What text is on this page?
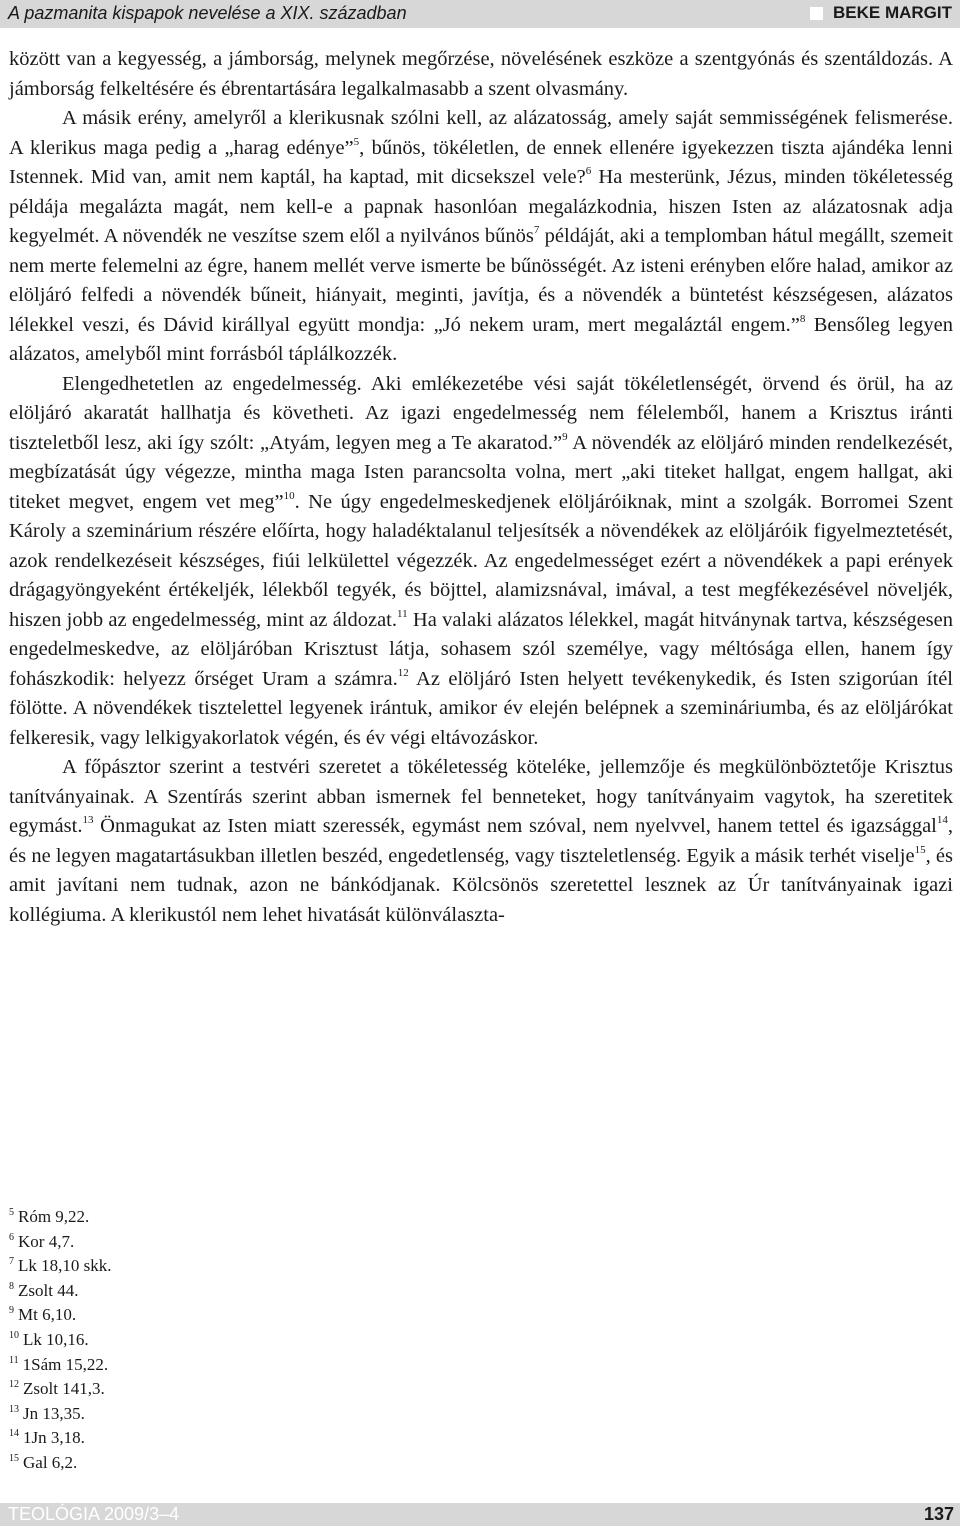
A pazmanita kispapok nevelése a XIX. században	BEKE MARGIT

között van a kegyesség, a jámborság, melynek megőrzése, növelésének eszköze a szentgyónás és szentáldozás. A jámborság felkeltésére és ébrentartására legalkalmasabb a szent olvasmány.

A másik erény, amelyről a klerikusnak szólni kell, az alázatosság, amely saját semmisségének felismerése. A klerikus maga pedig a „harag edénye”$^5$, bűnös, tökéletlen, de ennek ellenére igyekezzen tiszta ajándéka lenni Istennek. Mid van, amit nem kaptál, ha kaptad, mit dicsekszel vele?$^6$ Ha mesterünk, Jézus, minden tökéletesség példája megalázta magát, nem kell-e a papnak hasonlóan megalázkodnia, hiszen Isten az alázatosnak adja kegyelmét. A növendék ne veszítse szem elől a nyilvános bűnös$^7$ példáját, aki a templomban hátul megállt, szemeit nem merte felemelni az égre, hanem mellét verve ismerte be bűnösségét. Az isteni erényben előre halad, amikor az elöljáró felfedi a növendék bűneit, hiányait, meginti, javítja, és a növendék a büntetést készségesen, alázatos lélekkel veszi, és Dávid királlyal együtt mondja: „Jó nekem uram, mert megaláztál engem.”$^8$ Bensőleg legyen alázatos, amelyből mint forrásból táplálkozzék.

Elengedhetetlen az engedelmesség. Aki emlékezetébe vési saját tökéletlenségét, örvend és örül, ha az elöljáró akaratát hallhatja és követheti. Az igazi engedelmesség nem félelemből, hanem a Krisztus iránti tiszteletből lesz, aki így szólt: „Atyám, legyen meg a Te akaratod.”$^9$ A növendék az elöljáró minden rendelkezését, megbízatását úgy végezze, mintha maga Isten parancsolta volna, mert „aki titeket hallgat, engem hallgat, aki titeket megvet, engem vet meg”$^{10}$. Ne úgy engedelmeskedjenek elöljáróiknak, mint a szolgák. Borromei Szent Károly a szeminárium részére előírta, hogy haladéktalanul teljesítsék a növendékek az elöljáróik figyelmeztetését, azok rendelkezéseit készséges, fiúi lelkülettel végezzék. Az engedelmességet ezért a növendékek a papi erények drágagyöngyeként értékeljék, lélekből tegyék, és böjttel, alamizsnával, imával, a test megfékezésével növeljék, hiszen jobb az engedelmesség, mint az áldozat.$^{11}$ Ha valaki alázatos lélekkel, magát hitványnak tartva, készségesen engedelmeskedve, az elöljáróban Krisztust látja, sohasem szól személye, vagy méltósága ellen, hanem így fohászkodik: helyezz őrséget Uram a számra.$^{12}$ Az elöljáró Isten helyett tevékenykedik, és Isten szigorúan ítél fölötte. A növendékek tisztelettel legyenek irántuk, amikor év elején belépnek a szemináriumba, és az elöljárókat felkeresik, vagy lelkigyakorlatok végén, és év végi eltávozáskor.

A főpásztor szerint a testvéri szeretet a tökéletesség köteléke, jellemzője és megkülönböztetője Krisztus tanítványainak. A Szentírás szerint abban ismernek fel benneteket, hogy tanítványaim vagytok, ha szeretitek egymást.$^{13}$ Önmagukat az Isten miatt szeressék, egymást nem szóval, nem nyelvvel, hanem tettel és igazsággal$^{14}$, és ne legyen magatartásukban illetlen beszéd, engedetlenség, vagy tiszteletlenség. Egyik a másik terhét viselje$^{15}$, és amit javítani nem tudnak, azon ne bánkódjanak. Kölcsönös szeretettel lesznek az Úr tanítványainak igazi kollégiuma. A klerikustól nem lehet hivatását különválaszta-

$^5$ Róm 9,22.
$^6$ Kor 4,7.
$^7$ Lk 18,10 skk.
$^8$ Zsolt 44.
$^9$ Mt 6,10.
$^{10}$ Lk 10,16.
$^{11}$ 1Sám 15,22.
$^{12}$ Zsolt 141,3.
$^{13}$ Jn 13,35.
$^{14}$ 1Jn 3,18.
$^{15}$ Gal 6,2.
TEOLÓGIA 2009/3–4	137
